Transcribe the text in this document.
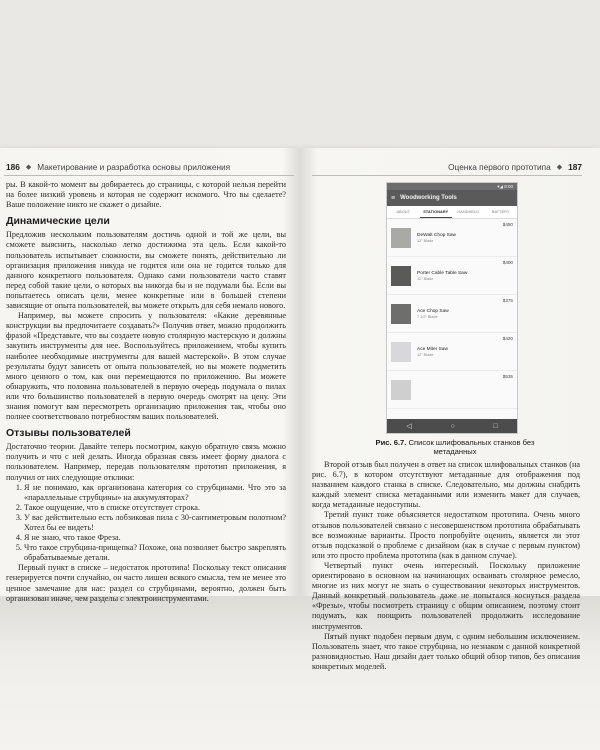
186 ◆ Макетирование и разработка основы приложения

ры. В какой-то момент вы добираетесь до страницы, с которой нельзя перейти на более низкий уровень и которая не содержит искомого. Что вы сделаете? Ваше положение никто не скажет о дизайне.

Динамические цели

Предложив нескольким пользователям достичь одной и той же цели, вы сможете выяснить, насколько легко достижима эта цель. Если какой-то пользователь испытывает сложности, вы сможете понять, действительно ли организация приложения никуда не годится или она не годится только для данного конкретного пользователя. Однако сами пользователи часто ставят перед собой такие цели, о которых вы никогда бы и не подумали бы. Если вы попытаетесь описать цели, менее конкретные или в большей степени зависящие от опыта пользователей, вы можете открыть для себя немало нового.

Например, вы можете спросить у пользователя: «Какие деревянные конструкции вы предпочитаете создавать?» Получив ответ, можно продолжить фразой «Представьте, что вы создаете новую столярную мастерскую и должны закупить инструменты для нее. Воспользуйтесь приложением, чтобы купить наиболее необходимые инструменты для вашей мастерской». В этом случае результаты будут зависеть от опыта пользователей, но вы можете подметить много ценного о том, как они перемещаются по приложению. Вы можете обнаружить, что половина пользователей в первую очередь подумала о пилах или что большинство пользователей в первую очередь смотрят на цену. Эти знания помогут вам пересмотреть организацию приложения так, чтобы оно полнее соответствовало потребностям ваших пользователей.

Отзывы пользователей

Достаточно теории. Давайте теперь посмотрим, какую обратную связь можно получить и что с ней делать. Иногда образная связь имеет форму диалога с пользователем. Например, передав пользователям прототип приложения, я получил от них следующие отклики:

1. Я не понимаю, как организована категория со струбцинами. Что это за «параллельные струбцины» на аккумуляторах?
2. Такое ощущение, что в списке отсутствует строка.
3. У вас действительно есть лобзиковая пила с 30-сантиметровым полотном? Хотел бы ее видеть!
4. Я не знаю, что такое Фреза.
5. Что такое струбцина-прищепка? Похоже, она позволяет быстро закреплять обрабатываемые детали.

Первый пункт в списке – недостаток прототипа! Поскольку текст описания генерируется почти случайно, он часто лишен всякого смысла, тем не менее это ценное замечание для нас: раздел со струбцинами, вероятно, должен быть организован иначе, чем разделы с электроинструментами.

Оценка первого прототипа ◆ 187
▾◢ 8:00
≡ Woodworking Tools
ABOUT	STATIONARY	HANDHELD	BATTERY
DeWalt Chop Saw
12" Blade
$450
Porter Cable Table Saw
12" Blade
$400
Ace Chop Saw
7 1/2" Blade
$375
Ace Miter Saw
12" Blade
$420
$535
◁	○	□
Рис. 6.7. Список шлифовальных станков без метаданных

Второй отзыв был получен в ответ на список шлифовальных станков (на рис. 6.7), в котором отсутствуют метаданные для отображения под названием каждого станка в списке. Следовательно, мы должны снабдить каждый элемент списка метаданными или изменить макет для случаев, когда метаданные недоступны.

Третий пункт тоже объясняется недостатком прототипа. Очень много отзывов пользователей связано с несовершенством прототипа обрабатывать все возможные варианты. Просто попробуйте оценить, является ли этот отзыв подсказкой о проблеме с дизайном (как в случае с первым пунктом) или это просто проблема прототипа (как в данном случае).

Четвертый пункт очень интересный. Поскольку приложение ориентировано в основном на начинающих осваивать столярное ремесло, многие из них могут не знать о существовании некоторых инструментов. Данный конкретный пользователь даже не попытался коснуться раздела «Фрезы», чтобы посмотреть страницу с общим описанием, поэтому стоит подумать, как поощрить пользователей продолжить исследование инструментов.

Пятый пункт подобен первым двум, с одним небольшим исключением. Пользователь знает, что такое струбцина, но незнаком с данной конкретной разновидностью. Наш дизайн дает только общий обзор типов, без описания конкретных моделей.
